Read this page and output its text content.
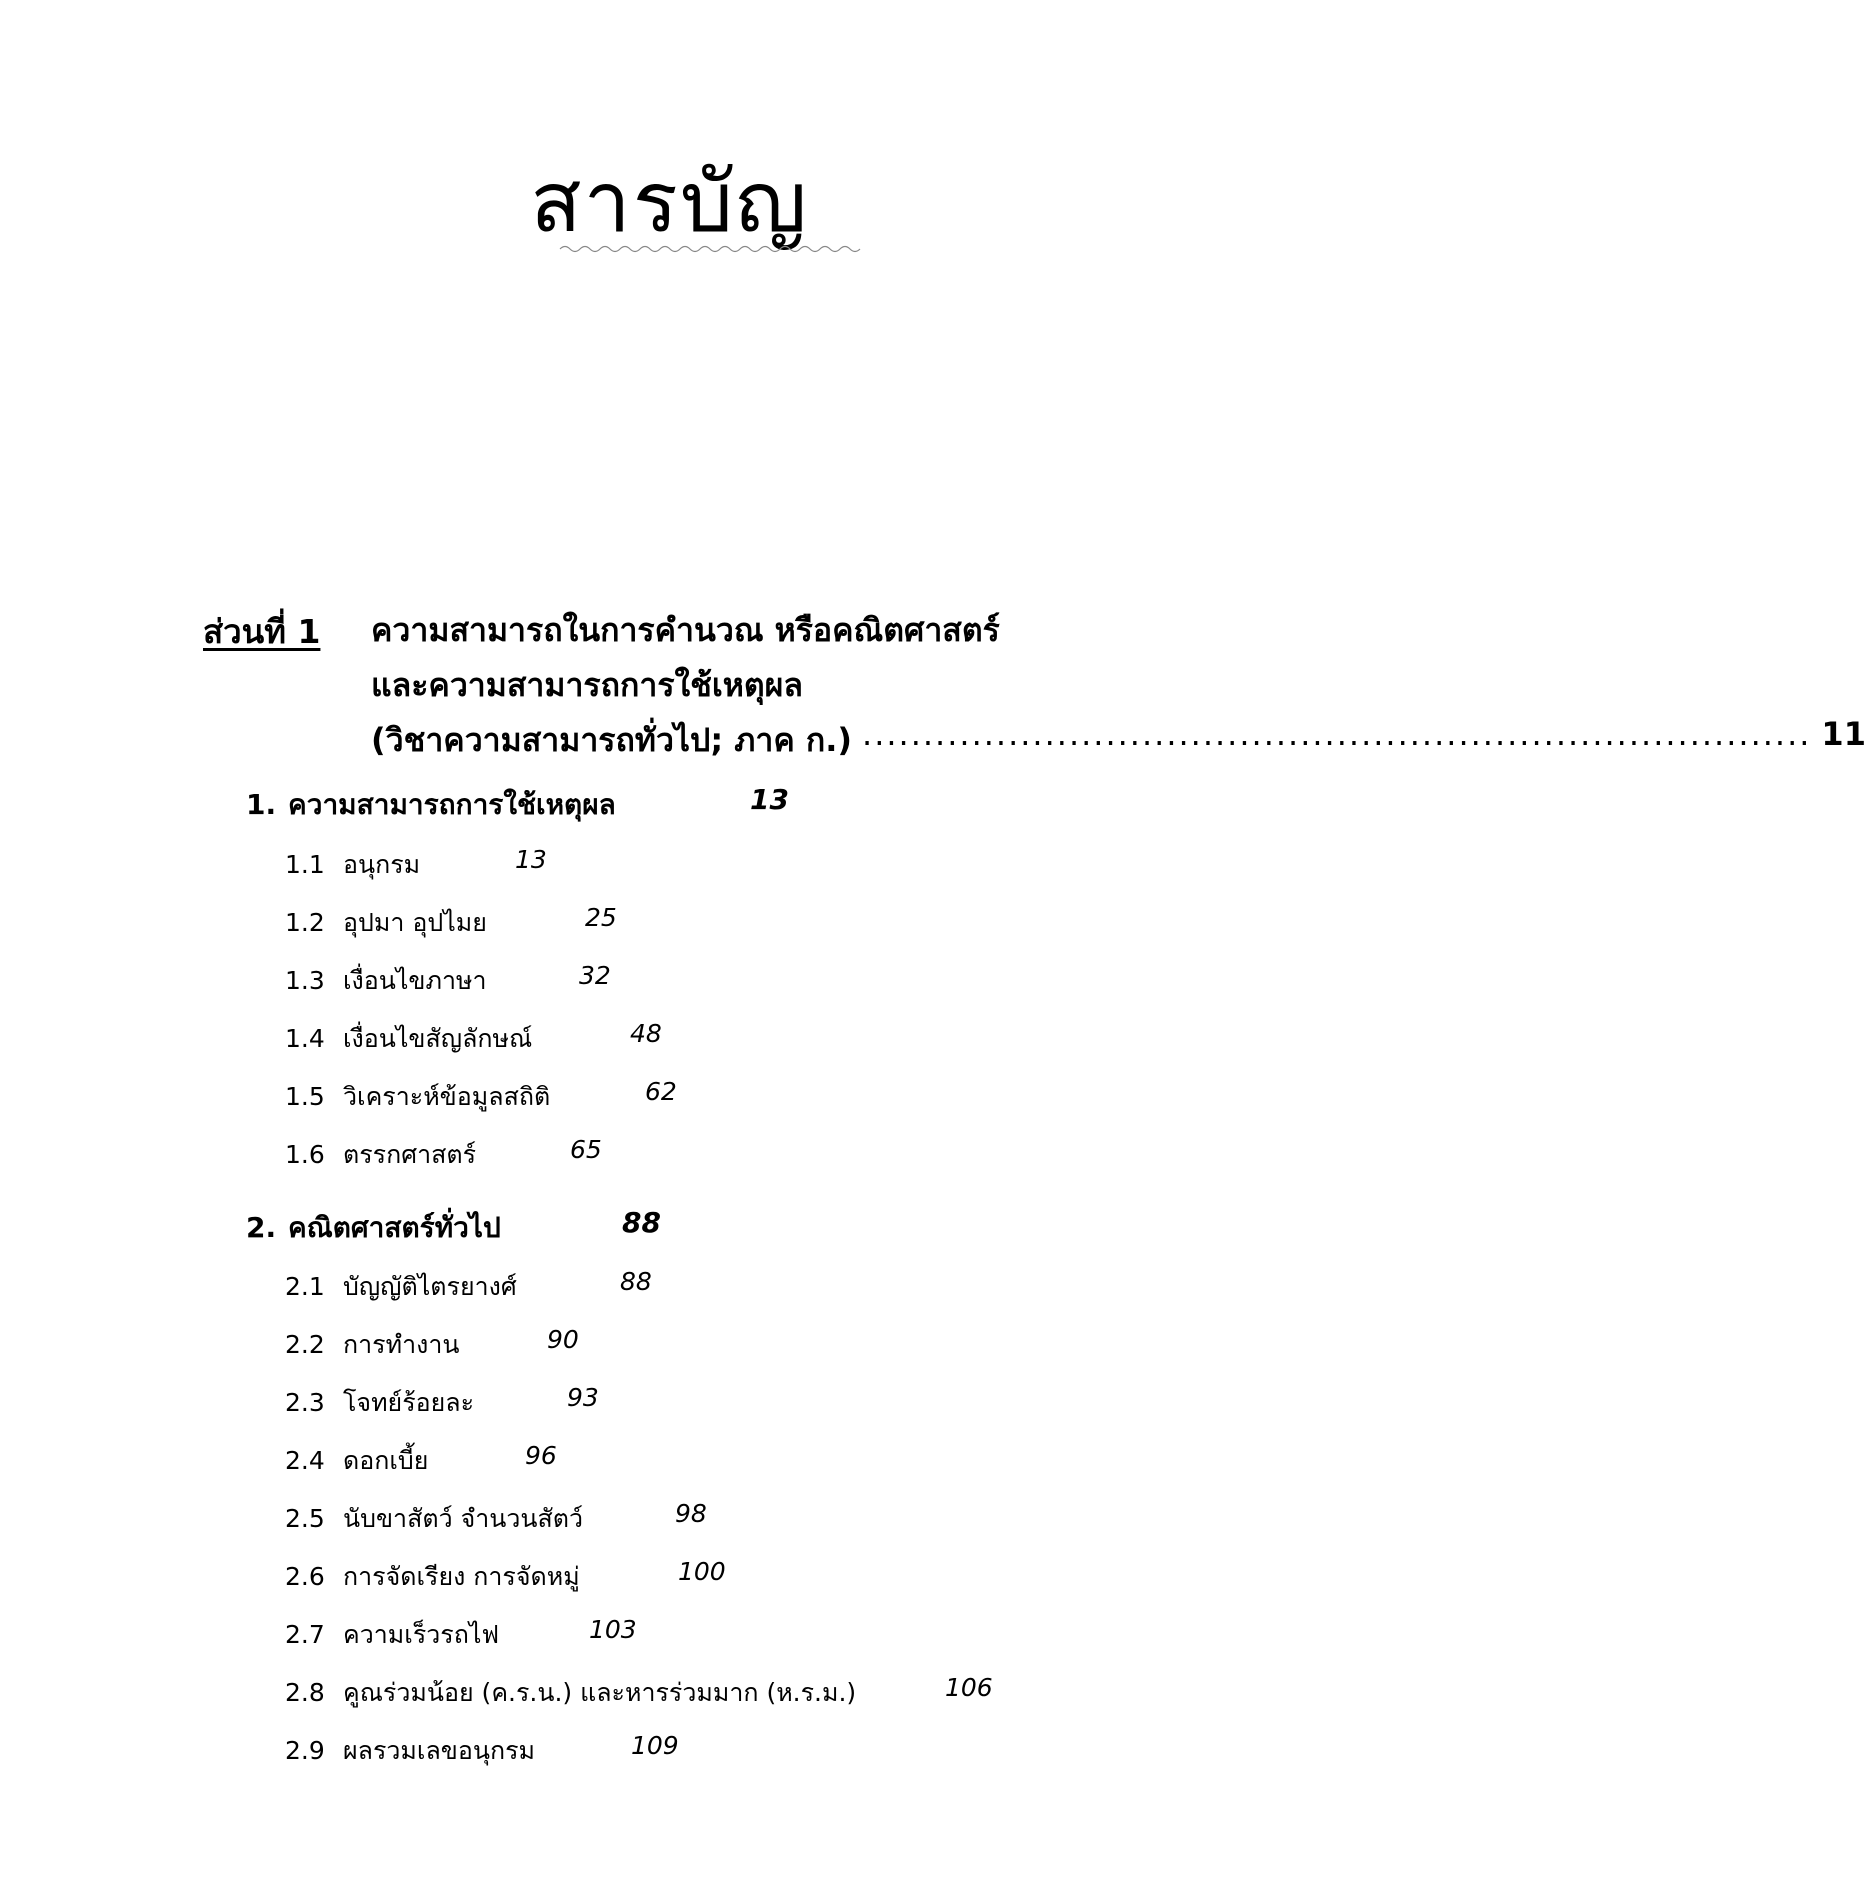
สารบัญ
ส่วนที่ 1 ความสามารถในการคำนวณ หรือคณิตศาสตร์
และความสามารถการใช้เหตุผล
(วิชาความสามารถทั่วไป; ภาค ก.) .............................................................................. 11
1. ความสามารถการใช้เหตุผล	13
1.1 อนุกรม	13
1.2 อุปมา อุปไมย	25
1.3 เงื่อนไขภาษา	32
1.4 เงื่อนไขสัญลักษณ์	48
1.5 วิเคราะห์ข้อมูลสถิติ	62
1.6 ตรรกศาสตร์	65
2. คณิตศาสตร์ทั่วไป	88
2.1 บัญญัติไตรยางศ์	88
2.2 การทำงาน	90
2.3 โจทย์ร้อยละ	93
2.4 ดอกเบี้ย	96
2.5 นับขาสัตว์ จำนวนสัตว์	98
2.6 การจัดเรียง การจัดหมู่	100
2.7 ความเร็วรถไฟ	103
2.8 คูณร่วมน้อย (ค.ร.น.) และหารร่วมมาก (ห.ร.ม.)	106
2.9 ผลรวมเลขอนุกรม	109
